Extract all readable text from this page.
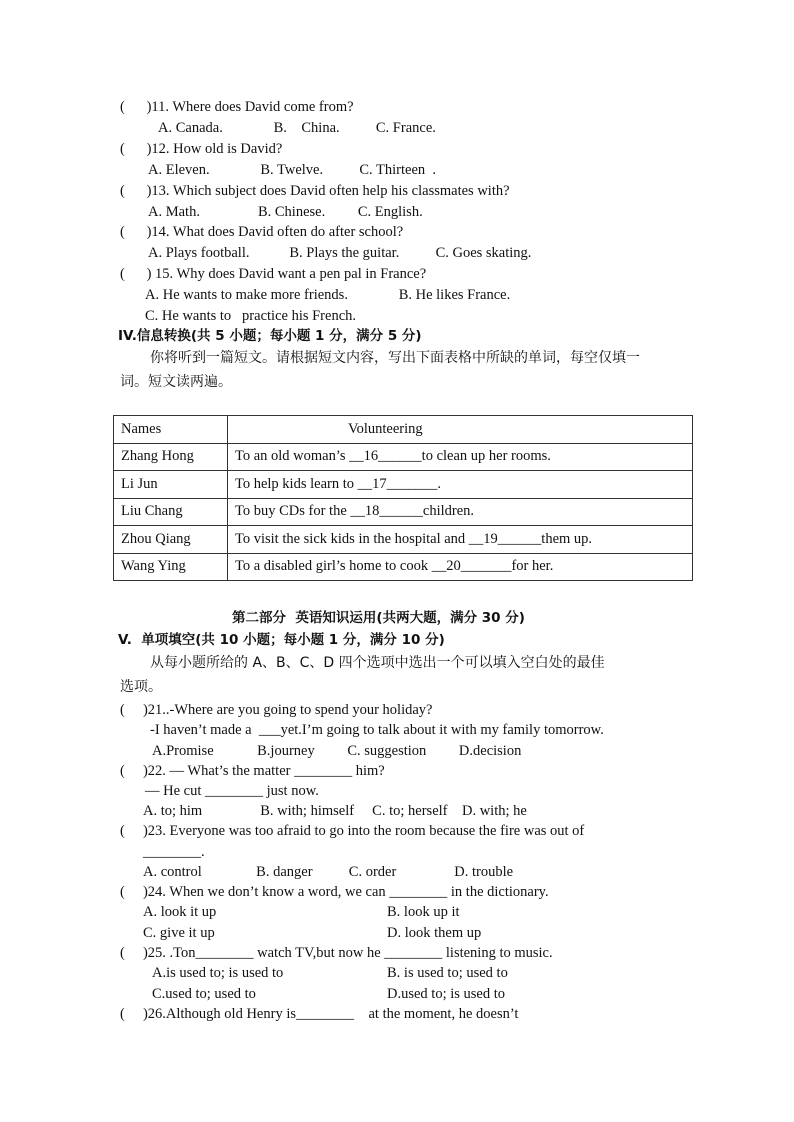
(      )11. Where does David come from?
A. Canada.              B.    China.          C. France.
(      )12. How old is David?
A. Eleven.              B. Twelve.          C. Thirteen  .
(      )13. Which subject does David often help his classmates with?
A. Math.                B. Chinese.         C. English.
(      )14. What does David often do after school?
A. Plays football.           B. Plays the guitar.          C. Goes skating.
(      ) 15. Why does David want a pen pal in France?
A. He wants to make more friends.              B. He likes France.
C. He wants to   practice his French.
IV.信息转换(共 5 小题；每小题 1 分，满分 5 分)
你将听到一篇短文。请根据短文内容，写出下面表格中所缺的单词，每空仅填一
词。短文读两遍。
Names	Volunteering
Zhang Hong	To an old woman’s __16______to clean up her rooms.
Li Jun	To help kids learn to __17_______.
Liu Chang	To buy CDs for the __18______children.
Zhou Qiang	To visit the sick kids in the hospital and __19______them up.
Wang Ying	To a disabled girl’s home to cook __20_______for her.
第二部分  英语知识运用(共两大题，满分 30 分)
V.  单项填空(共 10 小题；每小题 1 分，满分 10 分)
从每小题所给的 A、B、C、D 四个选项中选出一个可以填入空白处的最佳
选项。
(     )21..-Where are you going to spend your holiday?
-I haven’t made a  ___yet.I’m going to talk about it with my family tomorrow.
A.Promise            B.journey         C. suggestion         D.decision
(     )22. — What’s the matter ________ him?
— He cut ________ just now.
A. to; him                B. with; himself     C. to; herself    D. with; he
(     )23. Everyone was too afraid to go into the room because the fire was out of
________.
A. control               B. danger          C. order                D. trouble
(     )24. When we don’t know a word, we can ________ in the dictionary.
A. look it up	B. look up it
C. give it up	D. look them up
(     )25. .Ton________ watch TV,but now he ________ listening to music.
A.is used to; is used to	B. is used to; used to
C.used to; used to	D.used to; is used to
(     )26.Although old Henry is________    at the moment, he doesn’t
